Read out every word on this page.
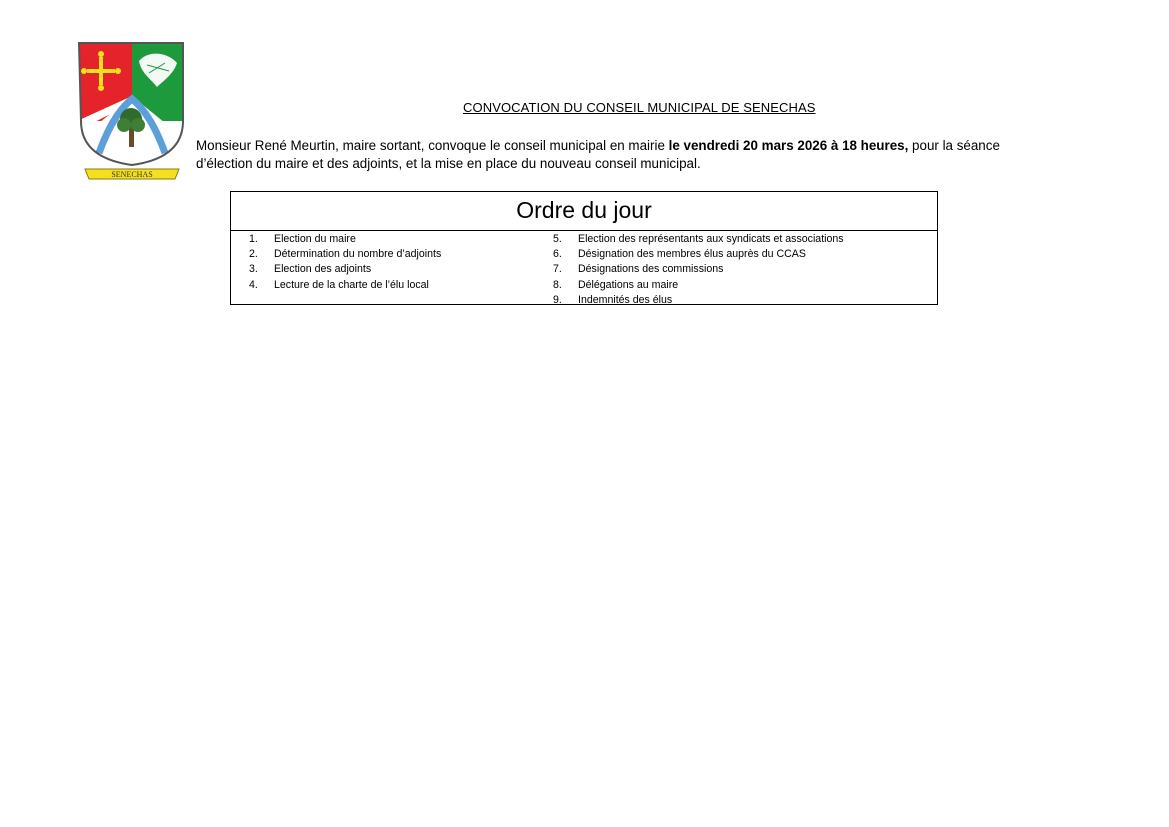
SENECHAS
CONVOCATION DU CONSEIL MUNICIPAL DE SENECHAS
Monsieur René Meurtin, maire sortant, convoque le conseil municipal en mairie le vendredi 20 mars 2026 à 18 heures, pour la séance d’élection du maire et des adjoints, et la mise en place du nouveau conseil municipal.
Ordre du jour
1. Election du maire
2. Détermination du nombre d’adjoints
3. Election des adjoints
4. Lecture de la charte de l’élu local
5. Election des représentants aux syndicats et associations
6. Désignation des membres élus auprès du CCAS
7. Désignations des commissions
8. Délégations au maire
9. Indemnités des élus
